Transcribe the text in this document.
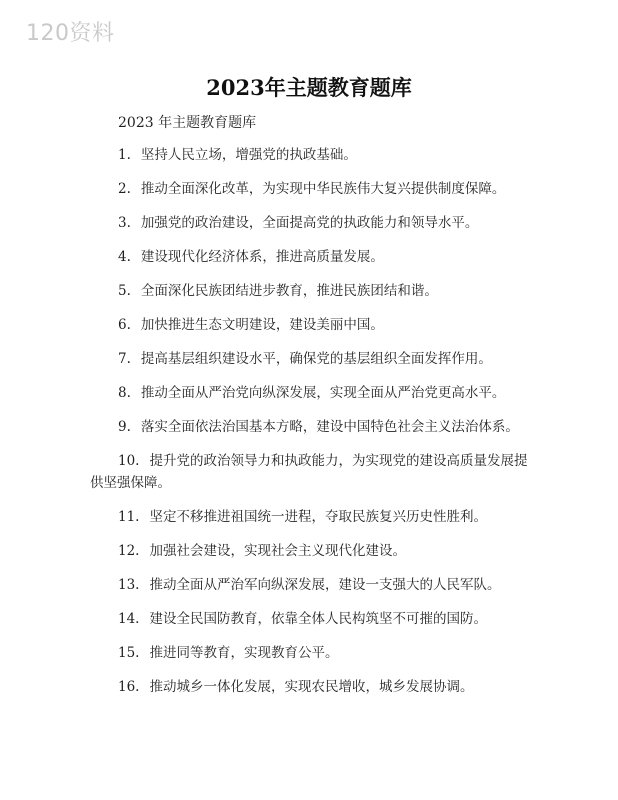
120资料
2023年主题教育题库
2023 年主题教育题库

1. 坚持人民立场，增强党的执政基础。

2. 推动全面深化改革，为实现中华民族伟大复兴提供制度保障。

3. 加强党的政治建设，全面提高党的执政能力和领导水平。

4. 建设现代化经济体系，推进高质量发展。

5. 全面深化民族团结进步教育，推进民族团结和谐。

6. 加快推进生态文明建设，建设美丽中国。

7. 提高基层组织建设水平，确保党的基层组织全面发挥作用。

8. 推动全面从严治党向纵深发展，实现全面从严治党更高水平。

9. 落实全面依法治国基本方略，建设中国特色社会主义法治体系。

10. 提升党的政治领导力和执政能力，为实现党的建设高质量发展提供坚强保障。

11. 坚定不移推进祖国统一进程，夺取民族复兴历史性胜利。

12. 加强社会建设，实现社会主义现代化建设。

13. 推动全面从严治军向纵深发展，建设一支强大的人民军队。

14. 建设全民国防教育，依靠全体人民构筑坚不可摧的国防。

15. 推进同等教育，实现教育公平。

16. 推动城乡一体化发展，实现农民增收，城乡发展协调。
